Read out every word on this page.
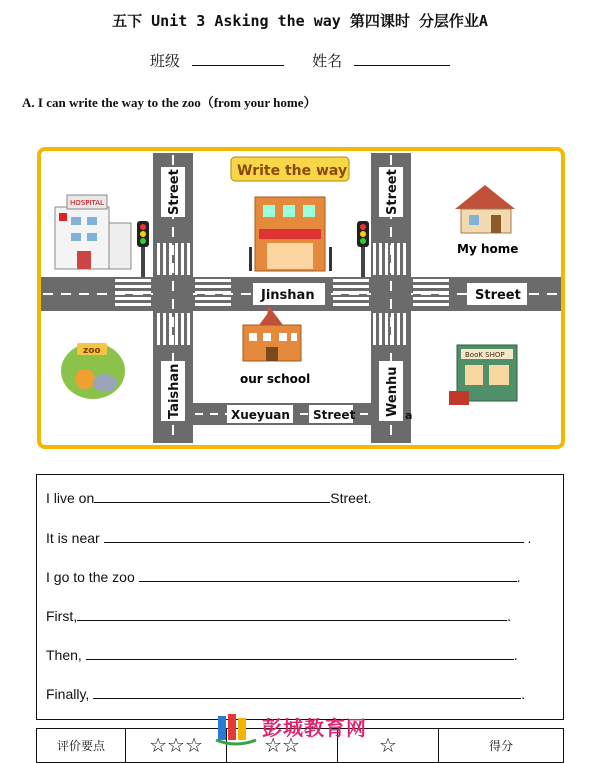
五下 Unit 3 Asking the way 第四课时 分层作业A
班级	姓名
A. I can write the way to the zoo（from your home）
Street	Street
Jinshan	Street
Taishan	Xueyuan Street Wenhu a
Write the way
HOSPITAL
My home
zoo
our school
BooK SHOP
I live on	Street.
It is near	.
I go to the zoo	.
First,	.
Then,	.
Finally,	.
评价要点	☆☆☆	☆☆	☆	得分
彭城教育网
